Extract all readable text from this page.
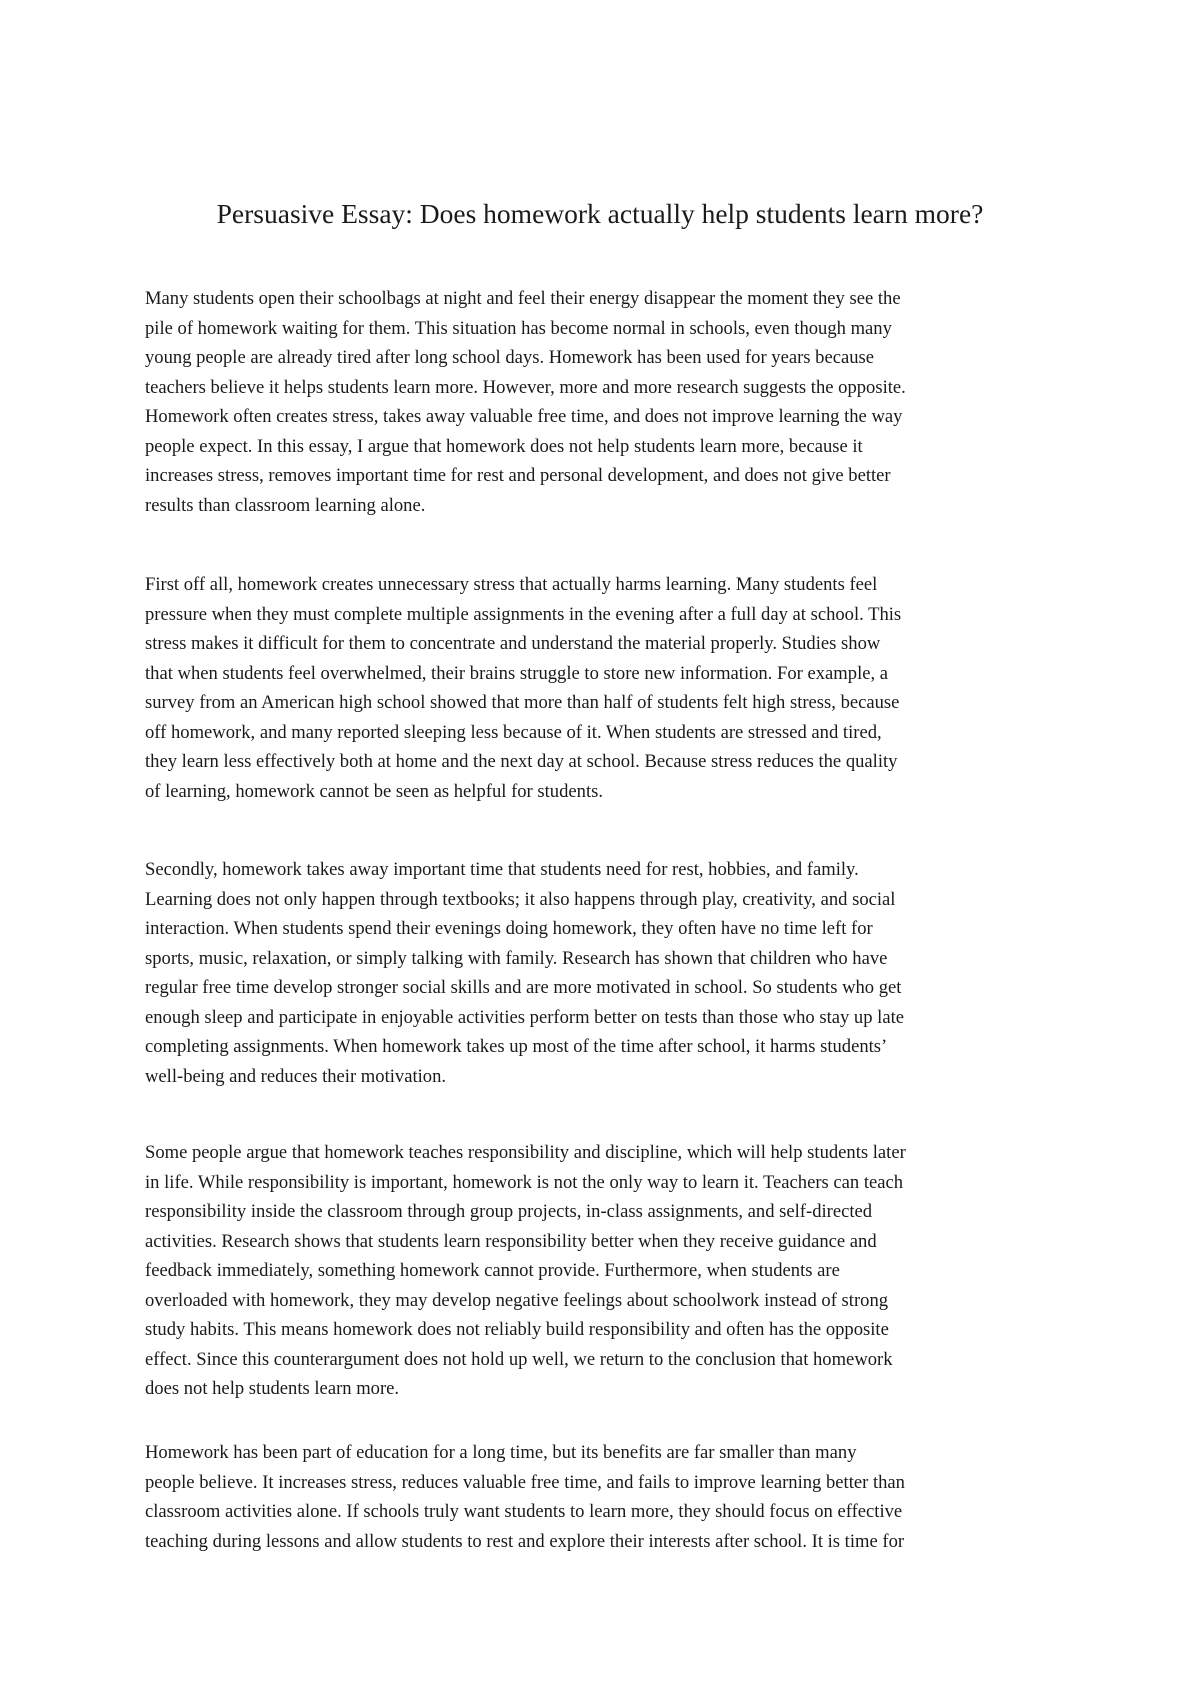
Persuasive Essay: Does homework actually help students learn more?

Many students open their schoolbags at night and feel their energy disappear the moment they see the
pile of homework waiting for them. This situation has become normal in schools, even though many
young people are already tired after long school days. Homework has been used for years because
teachers believe it helps students learn more. However, more and more research suggests the opposite.
Homework often creates stress, takes away valuable free time, and does not improve learning the way
people expect. In this essay, I argue that homework does not help students learn more, because it
increases stress, removes important time for rest and personal development, and does not give better
results than classroom learning alone.

First off all, homework creates unnecessary stress that actually harms learning. Many students feel
pressure when they must complete multiple assignments in the evening after a full day at school. This
stress makes it difficult for them to concentrate and understand the material properly. Studies show
that when students feel overwhelmed, their brains struggle to store new information. For example, a
survey from an American high school showed that more than half of students felt high stress, because
off homework, and many reported sleeping less because of it. When students are stressed and tired,
they learn less effectively both at home and the next day at school. Because stress reduces the quality
of learning, homework cannot be seen as helpful for students.

Secondly, homework takes away important time that students need for rest, hobbies, and family.
Learning does not only happen through textbooks; it also happens through play, creativity, and social
interaction. When students spend their evenings doing homework, they often have no time left for
sports, music, relaxation, or simply talking with family. Research has shown that children who have
regular free time develop stronger social skills and are more motivated in school. So students who get
enough sleep and participate in enjoyable activities perform better on tests than those who stay up late
completing assignments. When homework takes up most of the time after school, it harms students’
well-being and reduces their motivation.

Some people argue that homework teaches responsibility and discipline, which will help students later
in life. While responsibility is important, homework is not the only way to learn it. Teachers can teach
responsibility inside the classroom through group projects, in-class assignments, and self-directed
activities. Research shows that students learn responsibility better when they receive guidance and
feedback immediately, something homework cannot provide. Furthermore, when students are
overloaded with homework, they may develop negative feelings about schoolwork instead of strong
study habits. This means homework does not reliably build responsibility and often has the opposite
effect. Since this counterargument does not hold up well, we return to the conclusion that homework
does not help students learn more.

Homework has been part of education for a long time, but its benefits are far smaller than many
people believe. It increases stress, reduces valuable free time, and fails to improve learning better than
classroom activities alone. If schools truly want students to learn more, they should focus on effective
teaching during lessons and allow students to rest and explore their interests after school. It is time for
